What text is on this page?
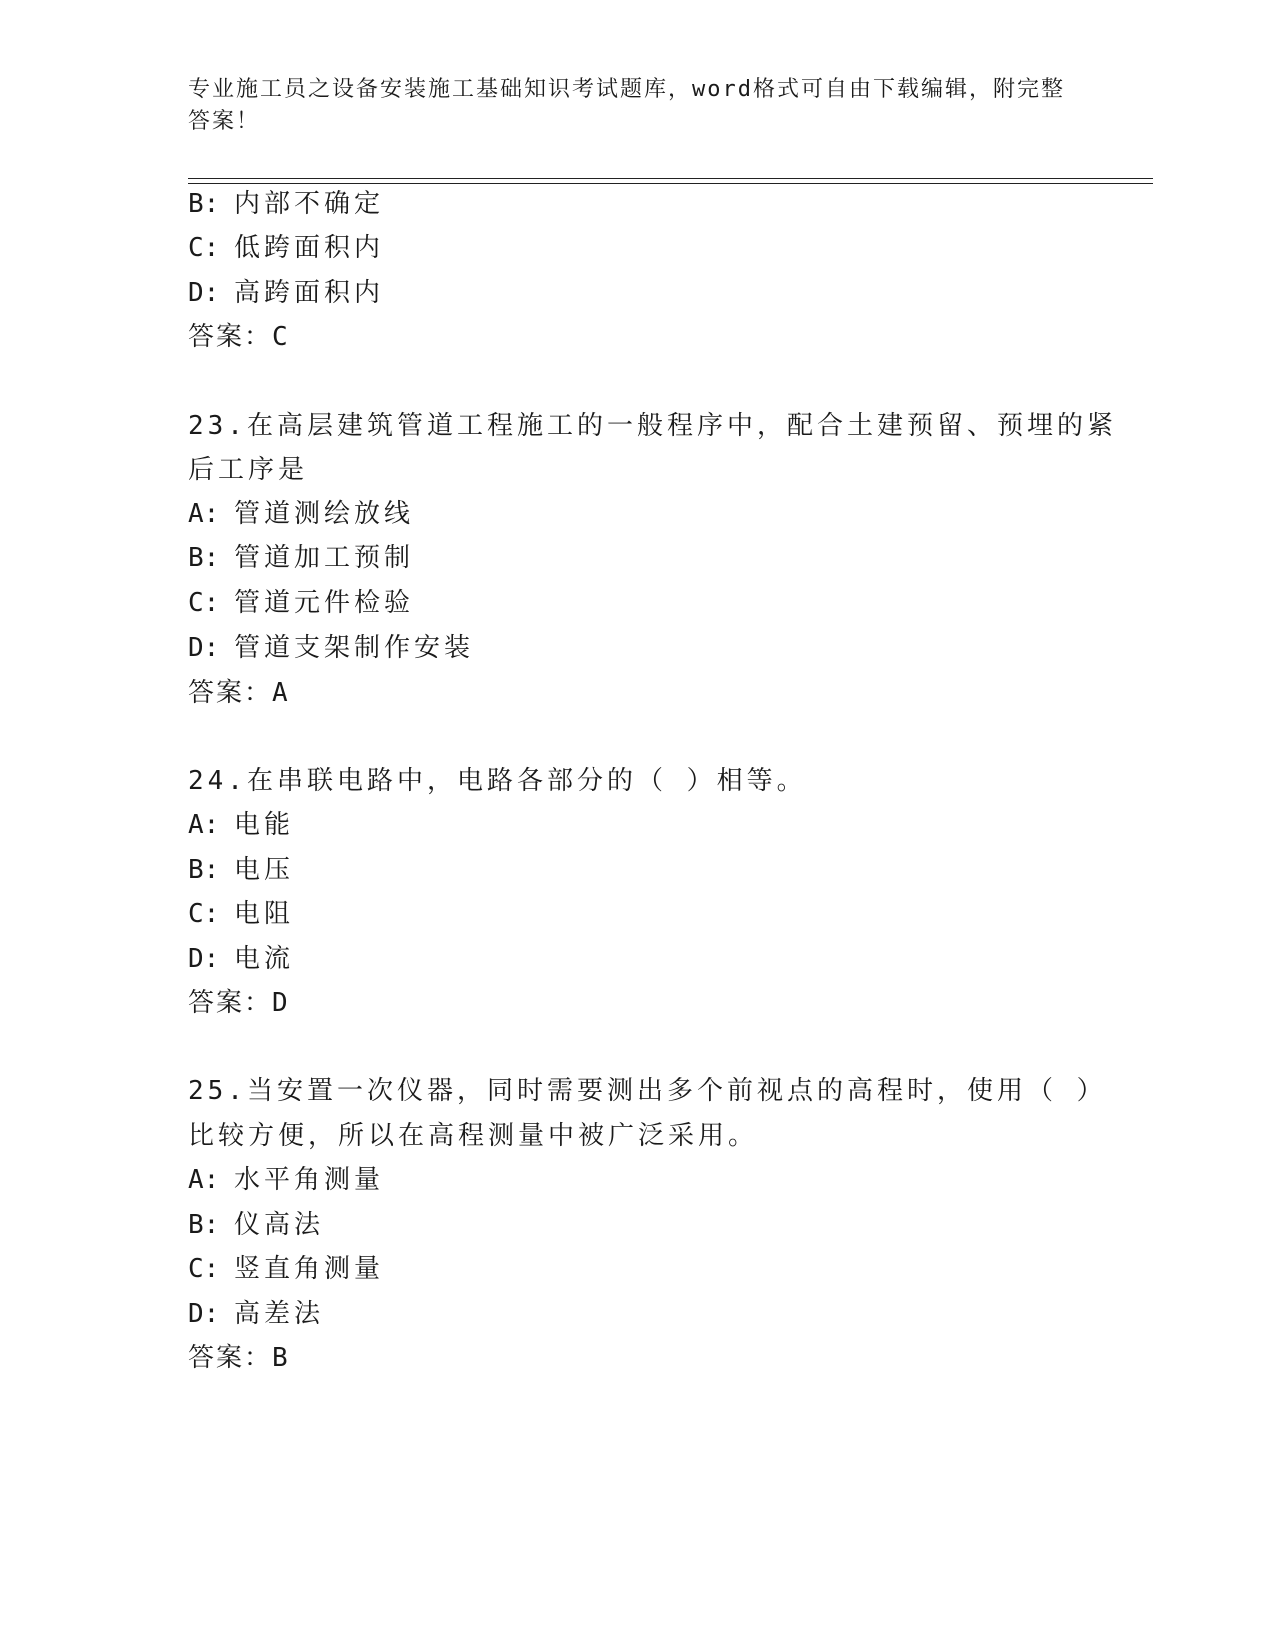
专业施工员之设备安装施工基础知识考试题库，word格式可自由下载编辑，附完整答案！
B: 内部不确定
C: 低跨面积内
D: 高跨面积内
答案：C
23.在高层建筑管道工程施工的一般程序中，配合土建预留、预埋的紧
后工序是
A: 管道测绘放线
B: 管道加工预制
C: 管道元件检验
D: 管道支架制作安装
答案：A
24.在串联电路中，电路各部分的（ ）相等。
A: 电能
B: 电压
C: 电阻
D: 电流
答案：D
25.当安置一次仪器，同时需要测出多个前视点的高程时，使用（ ）
比较方便，所以在高程测量中被广泛采用。
A: 水平角测量
B: 仪高法
C: 竖直角测量
D: 高差法
答案：B
